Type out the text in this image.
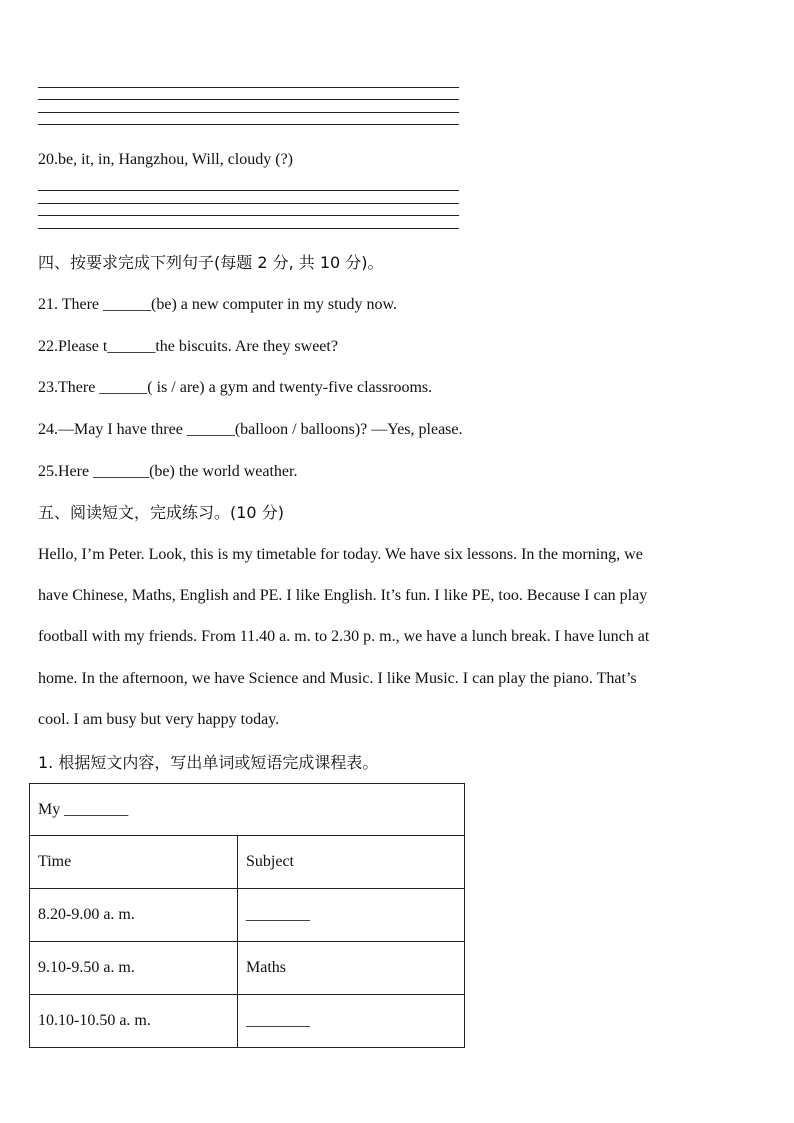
20.be, it, in, Hangzhou, Will, cloudy (?)
四、按要求完成下列句子(每题 2 分, 共 10 分)。
21. There ______(be) a new computer in my study now.
22.Please t______the biscuits. Are they sweet?
23.There ______( is / are) a gym and twenty-five classrooms.
24.—May I have three ______(balloon / balloons)? —Yes, please.
25.Here _______(be) the world weather.
五、阅读短文，完成练习。(10 分)
Hello, I’m Peter. Look, this is my timetable for today. We have six lessons. In the morning, we
have Chinese, Maths, English and PE. I like English. It’s fun. I like PE, too. Because I can play
football with my friends. From 11.40 a. m. to 2.30 p. m., we have a lunch break. I have lunch at
home. In the afternoon, we have Science and Music. I like Music. I can play the piano. That’s
cool. I am busy but very happy today.
1. 根据短文内容，写出单词或短语完成课程表。
My ________	
Time	Subject
8.20-9.00 a. m.	________
9.10-9.50 a. m.	Maths
10.10-10.50 a. m.	________
